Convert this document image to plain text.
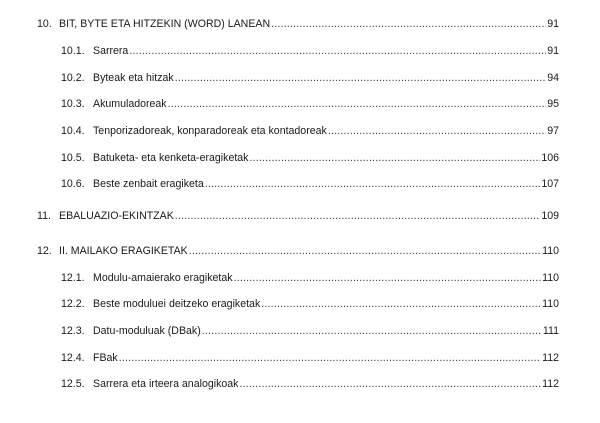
10. BIT, BYTE ETA HITZEKIN (WORD) LANEAN .....	91
10.1. Sarrera .....	91
10.2. Byteak eta hitzak .....	94
10.3. Akumuladoreak .....	95
10.4. Tenporizadoreak, konparadoreak eta kontadoreak .....	97
10.5. Batuketa- eta kenketa-eragiketak .....	106
10.6. Beste zenbait eragiketa .....	107
11. EBALUAZIO-EKINTZAK .....	109
12. II. MAILAKO ERAGIKETAK .....	110
12.1. Modulu-amaierako eragiketak .....	110
12.2. Beste moduluei deitzeko eragiketak .....	110
12.3. Datu-moduluak (DBak) .....	111
12.4. FBak .....	112
12.5. Sarrera eta irteera analogikoak .....	112
